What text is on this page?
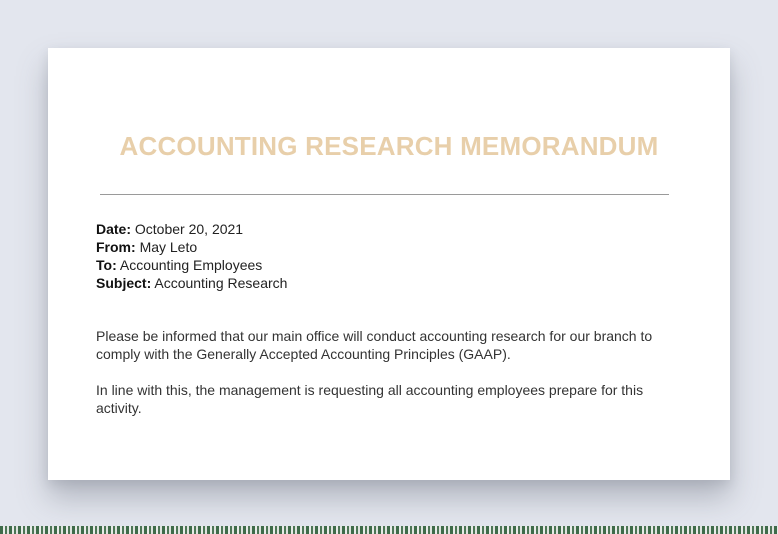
ACCOUNTING RESEARCH MEMORANDUM
Date: October 20, 2021
From: May Leto
To: Accounting Employees
Subject: Accounting Research

Please be informed that our main office will conduct accounting research for our branch to comply with the Generally Accepted Accounting Principles (GAAP).

In line with this, the management is requesting all accounting employees prepare for this activity.
